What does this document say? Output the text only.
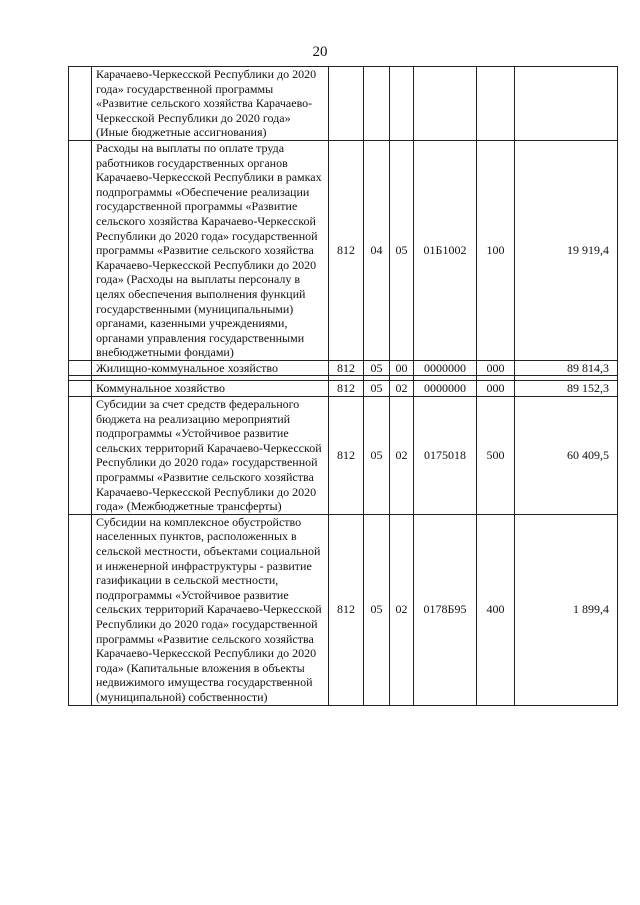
20
	Карачаево-Черкесской Республики до 2020 года» государственной программы «Развитие сельского хозяйства Карачаево-Черкесской Республики до 2020 года» (Иные бюджетные ассигнования)						
	Расходы на выплаты по оплате труда работников государственных органов Карачаево-Черкесской Республики в рамках подпрограммы «Обеспечение реализации государственной программы «Развитие сельского хозяйства Карачаево-Черкесской Республики до 2020 года» государственной программы «Развитие сельского хозяйства Карачаево-Черкесской Республики до 2020 года» (Расходы на выплаты персоналу в целях обеспечения выполнения функций государственными (муниципальными) органами, казенными учреждениями, органами управления государственными внебюджетными фондами)	812	04	05	01Б1002	100	19 919,4
	Жилищно-коммунальное хозяйство	812	05	00	0000000	000	89 814,3

	Коммунальное хозяйство	812	05	02	0000000	000	89 152,3
	Субсидии за счет средств федерального бюджета на реализацию мероприятий подпрограммы «Устойчивое развитие сельских территорий Карачаево-Черкесской Республики до 2020 года» государственной программы «Развитие сельского хозяйства Карачаево-Черкесской Республики до 2020 года» (Межбюджетные трансферты)	812	05	02	0175018	500	60 409,5
	Субсидии на комплексное обустройство населенных пунктов, расположенных в сельской местности, объектами социальной и инженерной инфраструктуры - развитие газификации в сельской местности, подпрограммы «Устойчивое развитие сельских территорий Карачаево-Черкесской Республики до 2020 года» государственной программы «Развитие сельского хозяйства Карачаево-Черкесской Республики до 2020 года» (Капитальные вложения в объекты недвижимого имущества государственной (муниципальной) собственности)	812	05	02	0178Б95	400	1 899,4
